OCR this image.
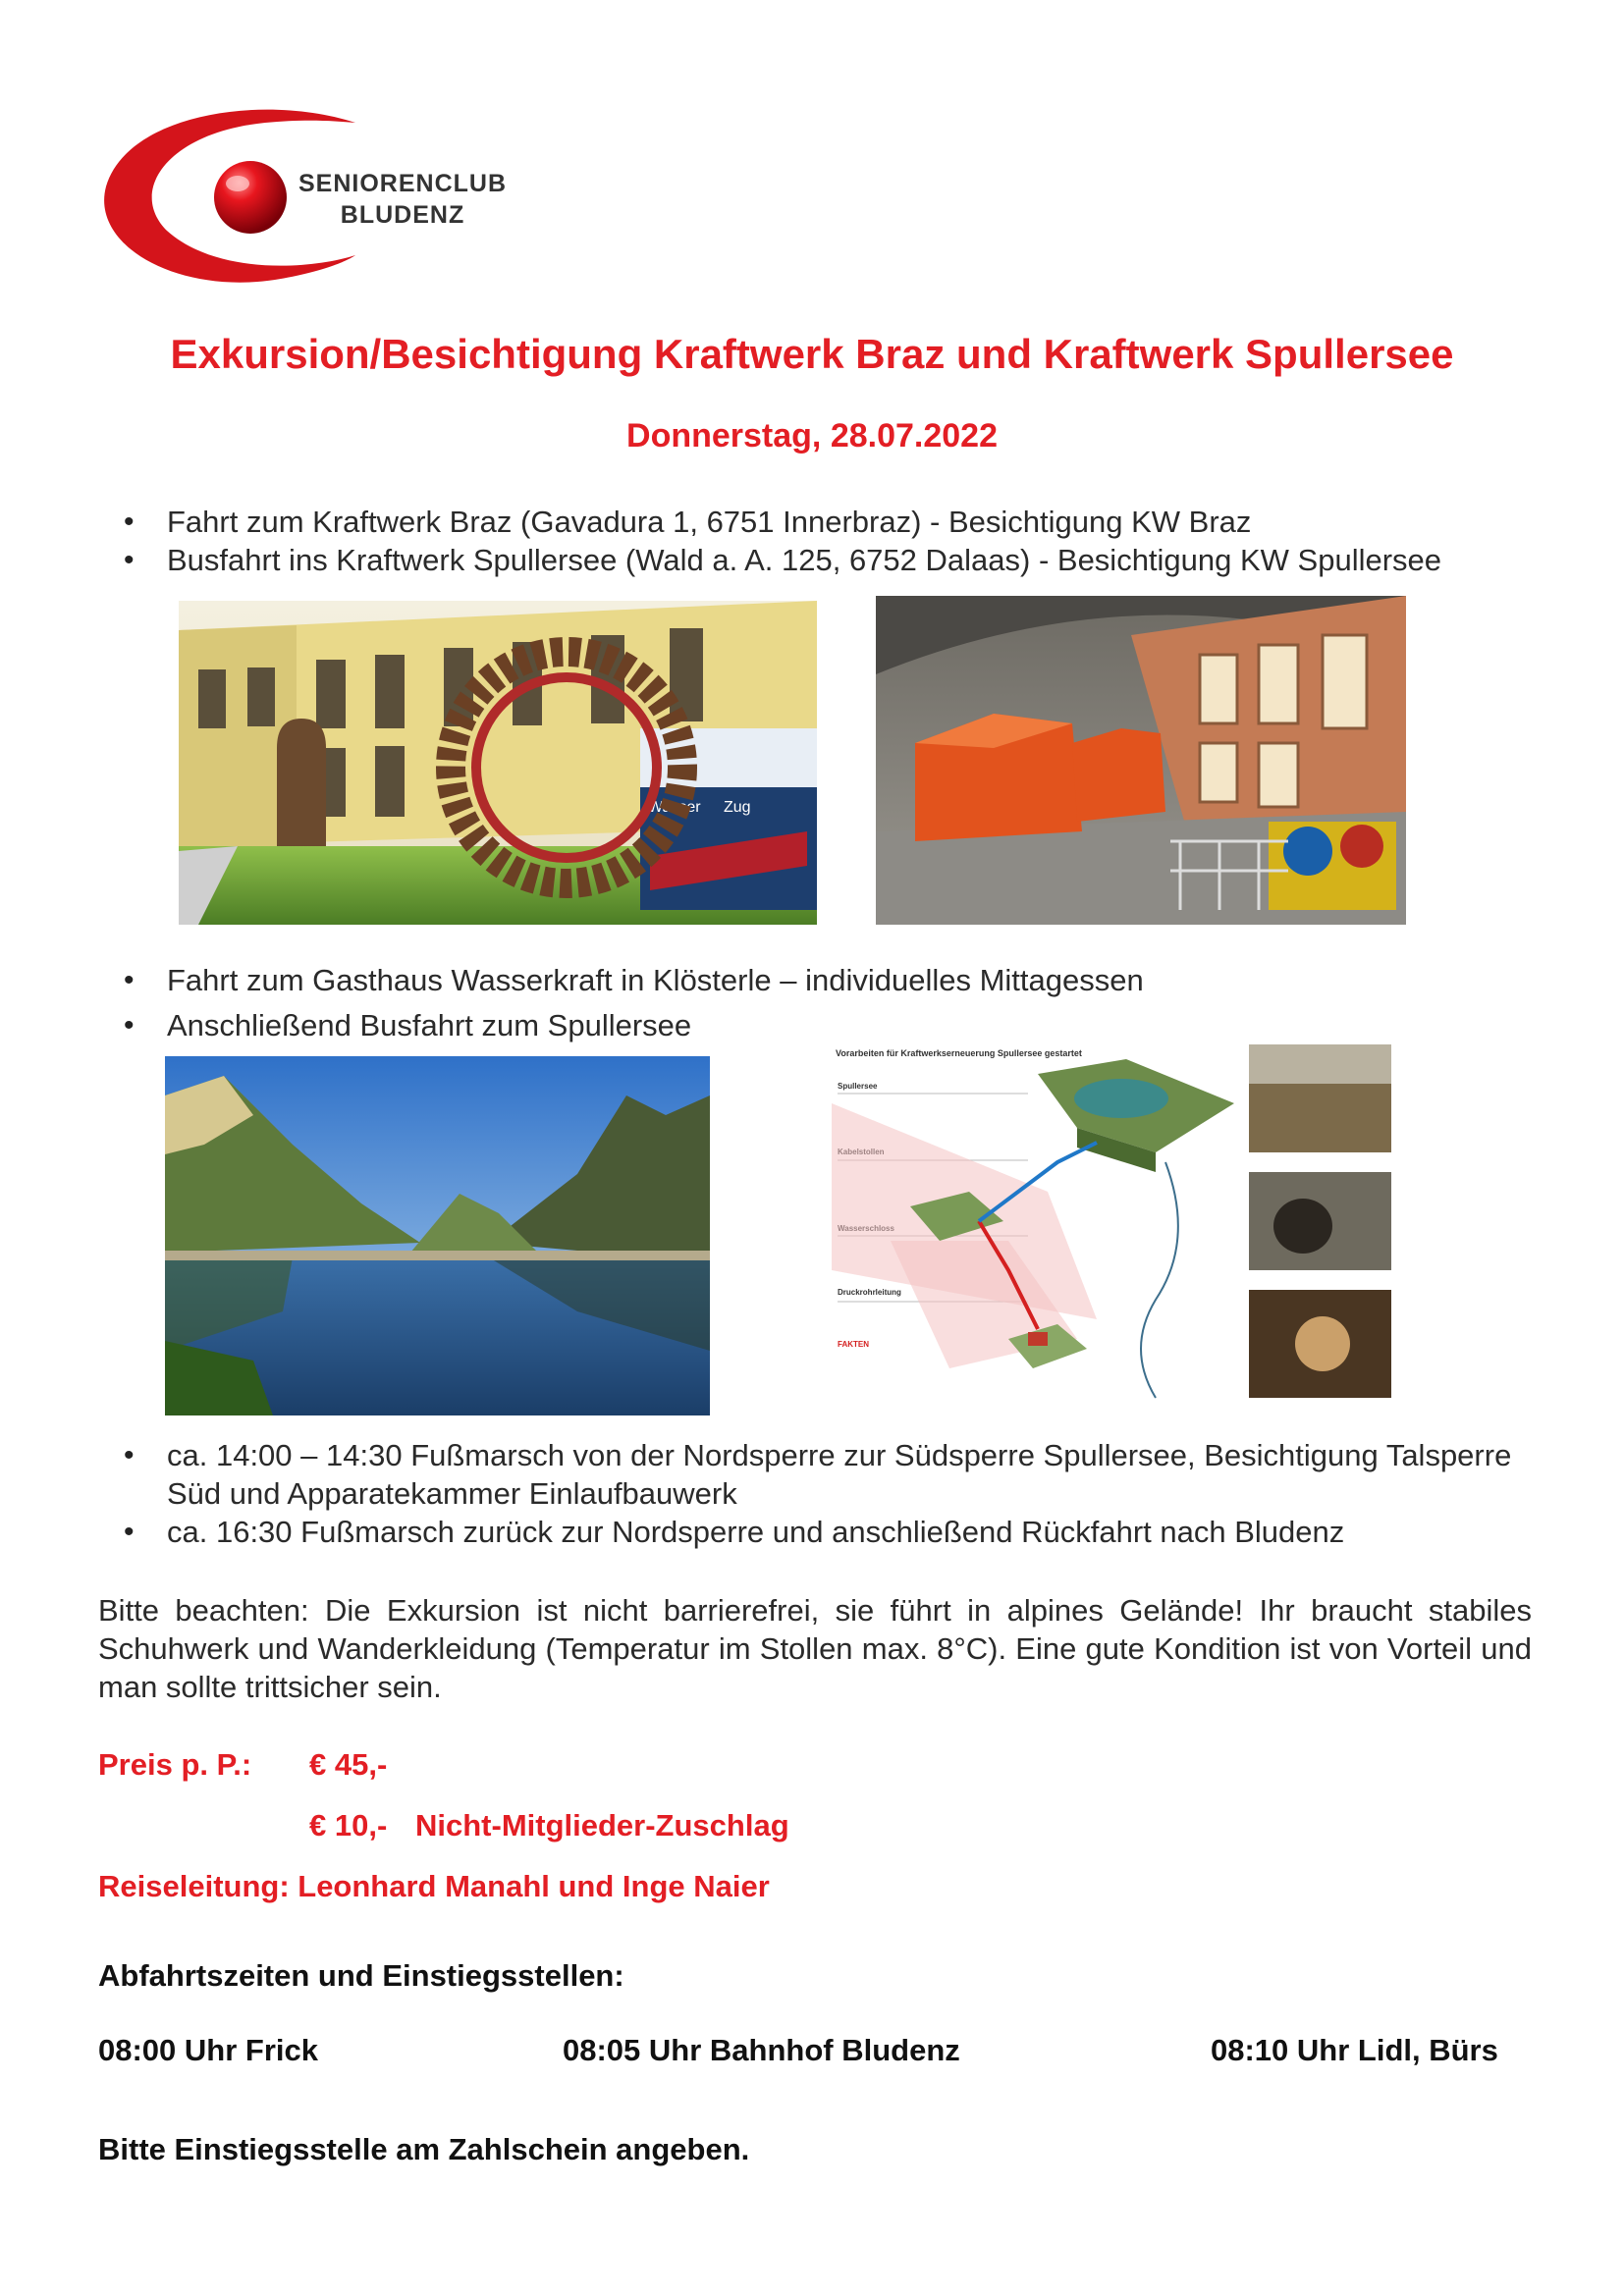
SENIORENCLUB
BLUDENZ
Exkursion/Besichtigung Kraftwerk Braz und Kraftwerk Spullersee
Donnerstag, 28.07.2022
• Fahrt zum Kraftwerk Braz (Gavadura 1, 6751 Innerbraz) - Besichtigung KW Braz
• Busfahrt ins Kraftwerk Spullersee (Wald a. A. 125, 6752 Dalaas) - Besichtigung KW Spullersee
Wasser Zug
• Fahrt zum Gasthaus Wasserkraft in Klösterle – individuelles Mittagessen
• Anschließend Busfahrt zum Spullersee
Vorarbeiten für Kraftwerkserneuerung Spullersee gestartet
Spullersee
Druckrohrleitung
FAKTEN
• ca. 14:00 – 14:30 Fußmarsch von der Nordsperre zur Südsperre Spullersee, Besichtigung Talsperre Süd und Apparatekammer Einlaufbauwerk
• ca. 16:30 Fußmarsch zurück zur Nordsperre und anschließend Rückfahrt nach Bludenz
Bitte beachten: Die Exkursion ist nicht barrierefrei, sie führt in alpines Gelände! Ihr braucht stabiles Schuhwerk und Wanderkleidung (Temperatur im Stollen max. 8°C). Eine gute Kondition ist von Vorteil und man sollte trittsicher sein.
Preis p. P.: € 45,-
€ 10,- Nicht-Mitglieder-Zuschlag
Reiseleitung: Leonhard Manahl und Inge Naier
Abfahrtszeiten und Einstiegsstellen:
08:00 Uhr Frick	08:05 Uhr Bahnhof Bludenz	08:10 Uhr Lidl, Bürs
Bitte Einstiegsstelle am Zahlschein angeben.
